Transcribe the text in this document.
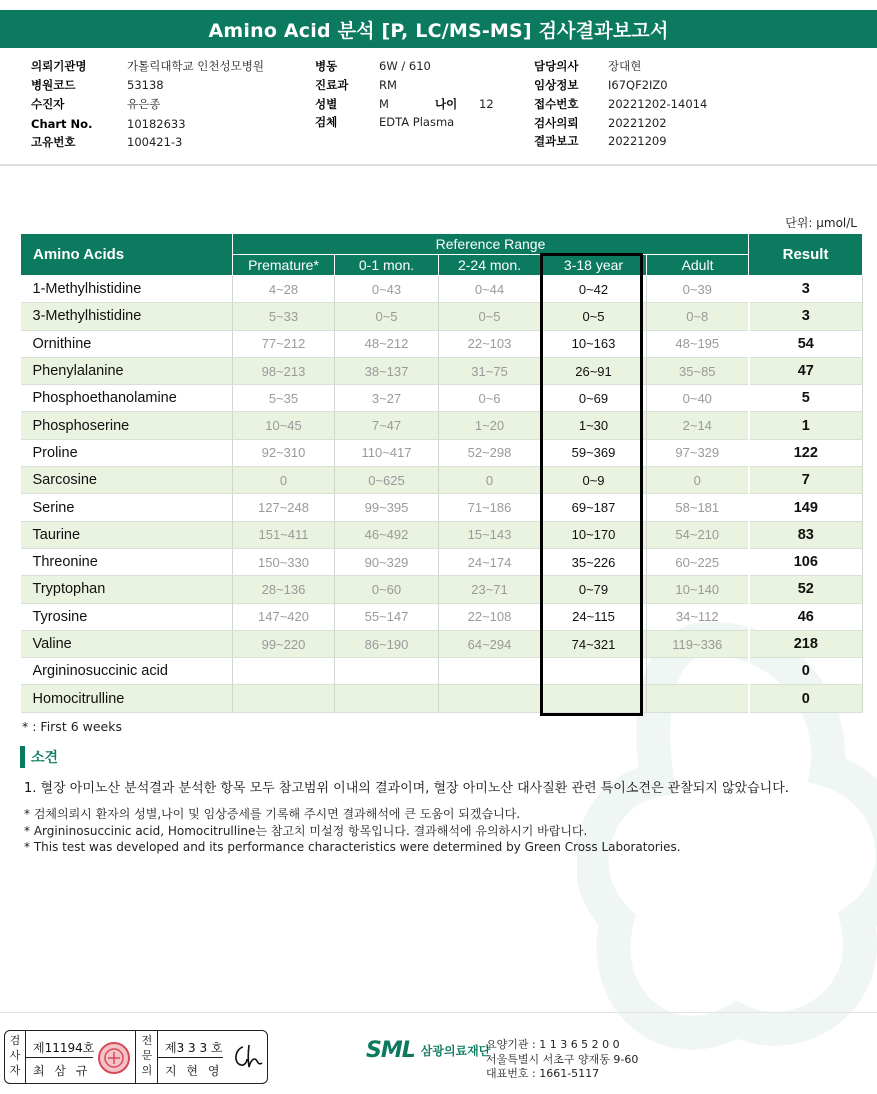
Amino Acid 분석 [P, LC/MS-MS] 검사결과보고서
의뢰기관명	가톨릭대학교 인천성모병원
병원코드	53138
수진자	유은종
Chart No.	10182633
고유번호	100421-3
병동	6W / 610
진료과	RM
성별	M	나이	12
검체	EDTA Plasma
담당의사	장대현
임상정보	I67QF2IZ0
접수번호	20221202-14014
검사의뢰	20221202
결과보고	20221209
단위: μmol/L
Amino Acids	Reference Range					Result
	Premature*	0-1 mon.	2-24 mon.	3-18 year	Adult	
1-Methylhistidine	4~28	0~43	0~44	0~42	0~39	3
3-Methylhistidine	5~33	0~5	0~5	0~5	0~8	3
Ornithine	77~212	48~212	22~103	10~163	48~195	54
Phenylalanine	98~213	38~137	31~75	26~91	35~85	47
Phosphoethanolamine	5~35	3~27	0~6	0~69	0~40	5
Phosphoserine	10~45	7~47	1~20	1~30	2~14	1
Proline	92~310	110~417	52~298	59~369	97~329	122
Sarcosine	0	0~625	0	0~9	0	7
Serine	127~248	99~395	71~186	69~187	58~181	149
Taurine	151~411	46~492	15~143	10~170	54~210	83
Threonine	150~330	90~329	24~174	35~226	60~225	106
Tryptophan	28~136	0~60	23~71	0~79	10~140	52
Tyrosine	147~420	55~147	22~108	24~115	34~112	46
Valine	99~220	86~190	64~294	74~321	119~336	218
Argininosuccinic acid						0
Homocitrulline						0
* : First 6 weeks
소견
1. 혈장 아미노산 분석결과 분석한 항목 모두 참고범위 이내의 결과이며, 혈장 아미노산 대사질환 관련 특이소견은 관찰되지 않았습니다.
* 검체의뢰시 환자의 성별,나이 및 임상증세를 기록해 주시면 결과해석에 큰 도움이 되겠습니다.
* Argininosuccinic acid, Homocitrulline는 참고치 미설정 항목입니다. 결과해석에 유의하시기 바랍니다.
* This test was developed and its performance characteristics were determined by Green Cross Laboratories.
검사자
제11194호
최 삼 규
전문의
제3 3 3 호
지 현 영
SML 삼광의료재단
요양기관 : 1 1 3 6 5 2 0 0
서울특별시 서초구 양재동 9-60
대표번호 : 1661-5117
